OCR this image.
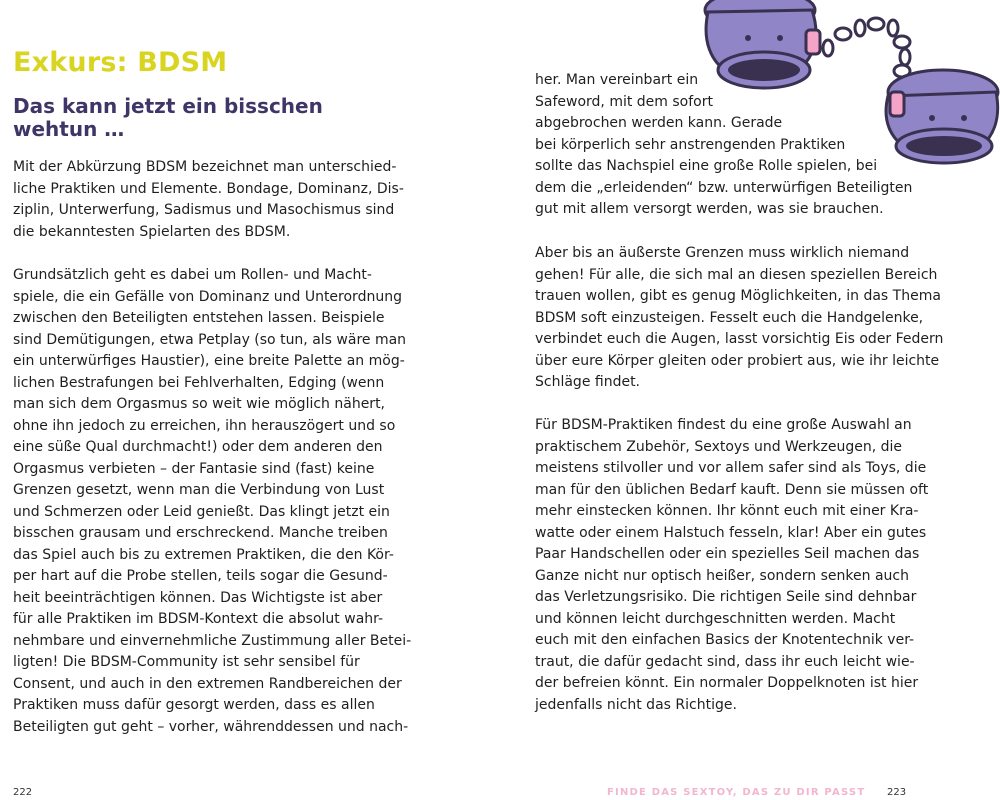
Exkurs: BDSM
Das kann jetzt ein bisschen wehtun …
Mit der Abkürzung BDSM bezeichnet man unterschied-
liche Praktiken und Elemente. Bondage, Dominanz, Dis-
ziplin, Unterwerfung, Sadismus und Masochismus sind
die bekanntesten Spielarten des BDSM.
Grundsätzlich geht es dabei um Rollen- und Macht-
spiele, die ein Gefälle von Dominanz und Unterordnung
zwischen den Beteiligten entstehen lassen. Beispiele
sind Demütigungen, etwa Petplay (so tun, als wäre man
ein unterwürfiges Haustier), eine breite Palette an mög-
lichen Bestrafungen bei Fehlverhalten, Edging (wenn
man sich dem Orgasmus so weit wie möglich nähert,
ohne ihn jedoch zu erreichen, ihn herauszögert und so
eine süße Qual durchmacht!) oder dem anderen den
Orgasmus verbieten – der Fantasie sind (fast) keine
Grenzen gesetzt, wenn man die Verbindung von Lust
und Schmerzen oder Leid genießt. Das klingt jetzt ein
bisschen grausam und erschreckend. Manche treiben
das Spiel auch bis zu extremen Praktiken, die den Kör-
per hart auf die Probe stellen, teils sogar die Gesund-
heit beeinträchtigen können. Das Wichtigste ist aber
für alle Praktiken im BDSM-Kontext die absolut wahr-
nehmbare und einvernehmliche Zustimmung aller Betei-
ligten! Die BDSM-Community ist sehr sensibel für
Consent, und auch in den extremen Randbereichen der
Praktiken muss dafür gesorgt werden, dass es allen
Beteiligten gut geht – vorher, währenddessen und nach-
222
her. Man vereinbart ein
Safeword, mit dem sofort
abgebrochen werden kann. Gerade
bei körperlich sehr anstrengenden Praktiken
sollte das Nachspiel eine große Rolle spielen, bei
dem die „erleidenden“ bzw. unterwürfigen Beteiligten
gut mit allem versorgt werden, was sie brauchen.
Aber bis an äußerste Grenzen muss wirklich niemand
gehen! Für alle, die sich mal an diesen speziellen Bereich
trauen wollen, gibt es genug Möglichkeiten, in das Thema
BDSM soft einzusteigen. Fesselt euch die Handgelenke,
verbindet euch die Augen, lasst vorsichtig Eis oder Federn
über eure Körper gleiten oder probiert aus, wie ihr leichte
Schläge findet.
Für BDSM-Praktiken findest du eine große Auswahl an
praktischem Zubehör, Sextoys und Werkzeugen, die
meistens stilvoller und vor allem safer sind als Toys, die
man für den üblichen Bedarf kauft. Denn sie müssen oft
mehr einstecken können. Ihr könnt euch mit einer Kra-
watte oder einem Halstuch fesseln, klar! Aber ein gutes
Paar Handschellen oder ein spezielles Seil machen das
Ganze nicht nur optisch heißer, sondern senken auch
das Verletzungsrisiko. Die richtigen Seile sind dehnbar
und können leicht durchgeschnitten werden. Macht
euch mit den einfachen Basics der Knotentechnik ver-
traut, die dafür gedacht sind, dass ihr euch leicht wie-
der befreien könnt. Ein normaler Doppelknoten ist hier
jedenfalls nicht das Richtige.
FINDE DAS SEXTOY, DAS ZU DIR PASST 223
